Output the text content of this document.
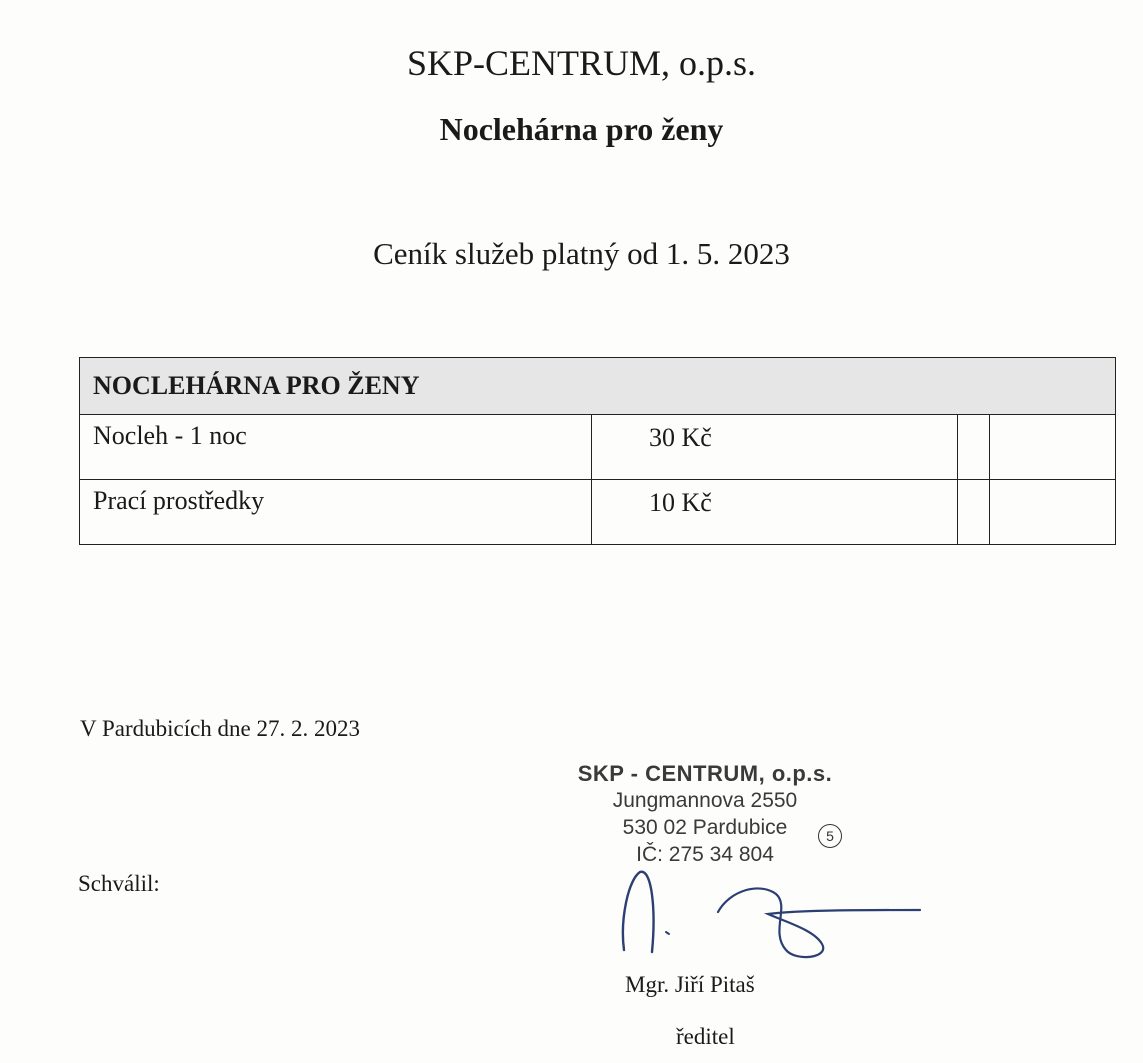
SKP-CENTRUM, o.p.s.
Noclehárna pro ženy
Ceník služeb platný od 1. 5. 2023
NOCLEHÁRNA PRO ŽENY			
Nocleh - 1 noc	30 Kč		
Prací prostředky	10 Kč		
V Pardubicích dne 27. 2. 2023
Schválil:
SKP - CENTRUM, o.p.s.
Jungmannova 2550
530 02 Pardubice
IČ: 275 34 804
5
Mgr. Jiří Pitaš
ředitel
